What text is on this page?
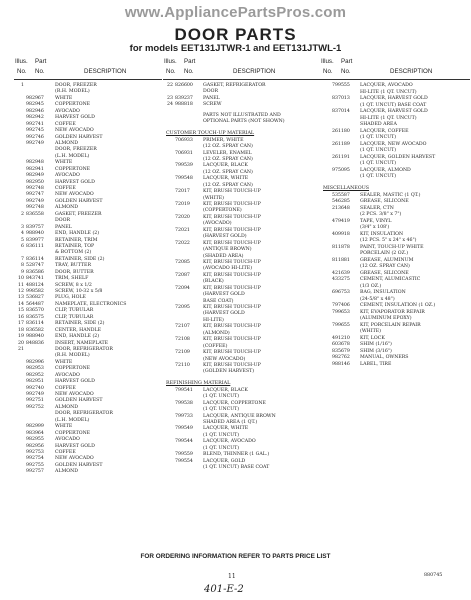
www.AppliancePartsPros.com
DOOR PARTS
for models EET131JTWR-1 and EET131JTWL-1
Illus. Part
No. No.	DESCRIPTION
1	DOOR, FREEZER
(R.H. MODEL)
982967 WHITE
982945 COPPERTONE
982946 AVOCADO
982942 HARVEST GOLD
992741 COFFEE
992745 NEW AVOCADO
992746 GOLDEN HARVEST
992749 ALMOND
DOOR, FREEZER
(L.H. MODEL)
982948 WHITE
982941 COPPERTONE
982949 AVOCADO
982950 HARVEST GOLD
992748 COFFEE
992747 NEW AVOCADO
992749 GOLDEN HARVEST
992748 ALMOND
2 836558 GASKET, FREEZER
DOOR
3 839757 PANEL
4 988940 END, HANDLE (2)
5 839977 RETAINER, TRIM
6 836111 RETAINER, TOP
& BOTTOM (2)
7 836114 RETAINER, SIDE (2)
8 528747 TRAY, BUTTER
9 836586 DOOR, BUTTER
10 843741 TRIM, SHELF
11 488124 SCREW, 8 x 1/2
12 998582 SCREW, 10-32 x 5/8
13 536827 PLUG, HOLE
14 564487 NAMEPLATE, ELECTRONICS
15 836570 CLIP, TUBULAR
16 836575 CLIP, TUBULAR
17 836114 RETAINER, SIDE (2)
18 836582 CENTER, HANDLE
19 988940 END, HANDLE (2)
20 848836 INSERT, NAMEPLATE
21	DOOR, REFRIGERATOR
(R.H. MODEL)
982996 WHITE
982953 COPPERTONE
982952 AVOCADO
982951 HARVEST GOLD
992740 COFFEE
992749 NEW AVOCADO
992751 GOLDEN HARVEST
992752 ALMOND
DOOR, REFRIGERATOR
(L.H. MODEL)
982999 WHITE
983964 COPPERTONE
982955 AVOCADO
982956 HARVEST GOLD
992753 COFFEE
992754 NEW AVOCADO
992755 GOLDEN HARVEST
992757 ALMOND
Illus. Part
No. No.	DESCRIPTION
22 826600 GASKET, REFRIGERATOR
DOOR
23 839237 PANEL
24 988818 SCREW
PARTS NOT ILLUSTRATED AND
OPTIONAL PARTS (NOT SHOWN)
CUSTOMER TOUCH-UP MATERIAL
706933 PRIMER, WHITE
(12 OZ. SPRAY CAN)
706931 LEVELER, ENAMEL
(12 OZ. SPRAY CAN)
799539 LACQUER, BLACK
(12 OZ. SPRAY CAN)
799548 LACQUER, WHITE
(12 OZ. SPRAY CAN)
72017	KIT, BRUSH TOUCH-UP
(WHITE)
72019	KIT, BRUSH TOUCH-UP
(COPPERTONE)
72020	KIT, BRUSH TOUCH-UP
(AVOCADO)
72021	KIT, BRUSH TOUCH-UP
(HARVEST GOLD)
72022	KIT, BRUSH TOUCH-UP
(ANTIQUE BROWN)
(SHADED AREA)
72085	KIT, BRUSH TOUCH-UP
(AVOCADO HI-LITE)
72087	KIT, BRUSH TOUCH-UP
(BLACK)
72094	KIT, BRUSH TOUCH-UP
(HARVEST GOLD
BASE COAT)
72095	KIT, BRUSH TOUCH-UP
(HARVEST GOLD
HI-LITE)
72107	KIT, BRUSH TOUCH-UP
(ALMOND)
72108	KIT, BRUSH TOUCH-UP
(COFFEE)
72109	KIT, BRUSH TOUCH-UP
(NEW AVOCADO)
72110	KIT, BRUSH TOUCH-UP
(GOLDEN HARVEST)
REFINISHING MATERIAL
799541 LACQUER, BLACK
(1 QT. UNCUT)
799538 LACQUER, COPPERTONE
(1 QT. UNCUT)
799733 LACQUER, ANTIQUE BROWN
SHADED AREA (1 QT.)
799549 LACQUER, WHITE
(1 QT. UNCUT)
799544 LACQUER, AVOCADO
(1 QT. UNCUT)
799559 BLEND, THINNER (1 GAL.)
799554 LACQUER, GOLD
(1 QT. UNCUT) BASE COAT
Illus. Part
No. No.	DESCRIPTION
799555 LACQUER, AVOCADO
HI-LITE (1 QT. UNCUT)
837013 LACQUER, HARVEST GOLD
(1 QT. UNCUT) BASE COAT
837014 LACQUER, HARVEST GOLD
HI-LITE (1 QT. UNCUT)
SHADED AREA
261180 LACQUER, COFFEE
(1 QT. UNCUT)
261189 LACQUER, NEW AVOCADO
(1 QT. UNCUT)
261191 LACQUER, GOLDEN HARVEST
(1 QT. UNCUT)
975095 LACQUER, ALMOND
(1 QT. UNCUT)
MISCELLANEOUS
535587 SEALER, MASTIC (1 QT.)
546285 GREASE, SILICONE
213648 SEALER, CTN
(2 PCS. 3/8" x 7")
479419 TAPE, VINYL
(3/4" x 108')
409918 KIT, INSULATION
(12 PCS. 5" x 24" x 46")
811878 PAINT, TOUCH-UP WHITE
PORCELAIN (2 OZ.)
811881 GREASE, ALUMINUM
(12 OZ. SPRAY CAN)
421639 GREASE, SILICONE
433275 CEMENT, ALUMICASTIC
(1/3 OZ.)
696753 BAG, INSULATION
(24-5/8" x 48")
797406 CEMENT, INSULATION (1 OZ.)
799653 KIT, EVAPORATOR REPAIR
(ALUMINUM EPOXY)
799655 KIT, PORCELAIN REPAIR
(WHITE)
491210 KIT, LOCK
603678 SHIM (1/16")
835679 SHIM (3/16")
982762 MANUAL, OWNERS
988146 LABEL, TIRE
FOR ORDERING INFORMATION REFER TO PARTS PRICE LIST
11	880745
401-E-2
